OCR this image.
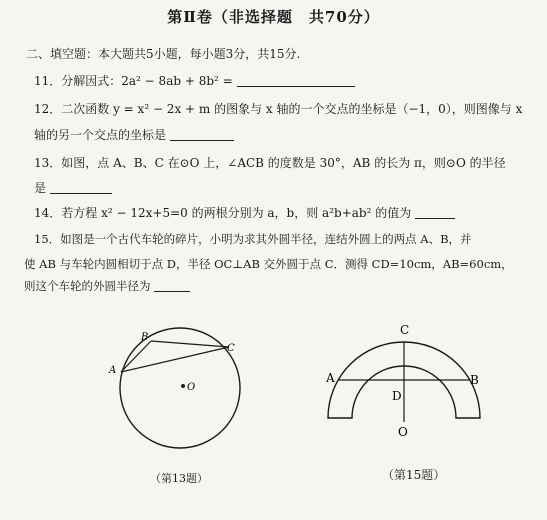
第Ⅱ卷（非选择题　共70分）
二、填空题：本大题共5小题，每小题3分，共15分.
11．分解因式：2a² − 8ab + 8b² =
12．二次函数 y = x² − 2x + m 的图象与 x 轴的一个交点的坐标是（−1，0），则图像与 x
轴的另一个交点的坐标是
13．如图，点 A、B、C 在⊙O 上，∠ACB 的度数是 30°，AB 的长为 π，则⊙O 的半径
是
14．若方程 x² − 12x+5=0 的两根分别为 a，b，则 a²b+ab² 的值为
15．如图是一个古代车轮的碎片，小明为求其外圆半径，连结外圆上的两点 A、B，并
使 AB 与车轮内圆相切于点 D，半径 OC⊥AB 交外圆于点 C．测得 CD=10cm，AB=60cm，
则这个车轮的外圆半径为
B
C
A
O
（第13题）
C
A	B
D
O
（第15题）
